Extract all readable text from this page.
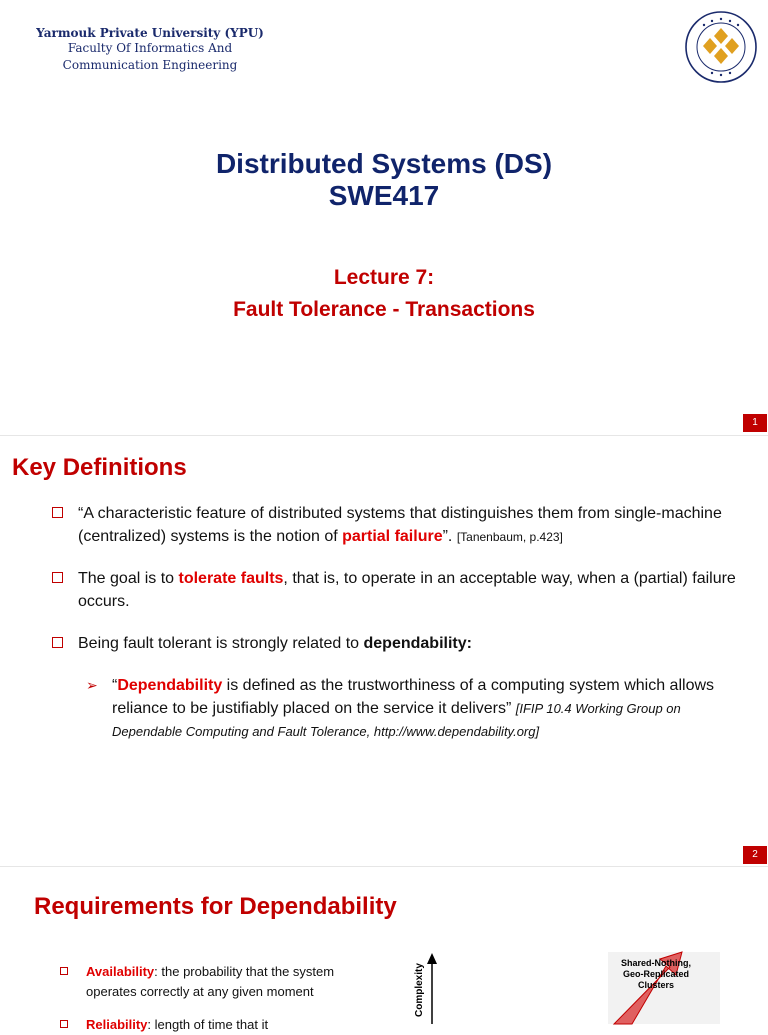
Yarmouk Private University (YPU)
Faculty Of Informatics And
Communication Engineering
Distributed Systems (DS)
SWE417
Lecture 7:
Fault Tolerance - Transactions
1
Key Definitions
“A characteristic feature of distributed systems that distinguishes them from single-machine (centralized) systems is the notion of partial failure”. [Tanenbaum, p.423]
The goal is to tolerate faults, that is, to operate in an acceptable way, when a (partial) failure occurs.
Being fault tolerant is strongly related to dependability:
➢ “Dependability is defined as the trustworthiness of a computing system which allows reliance to be justifiably placed on the service it delivers” [IFIP 10.4 Working Group on Dependable Computing and Fault Tolerance, http://www.dependability.org]
2
Requirements for Dependability
Availability: the probability that the system operates correctly at any given moment
Reliability: length of time that it
Complexity
Shared-Nothing,
Geo-Replicated
Clusters
